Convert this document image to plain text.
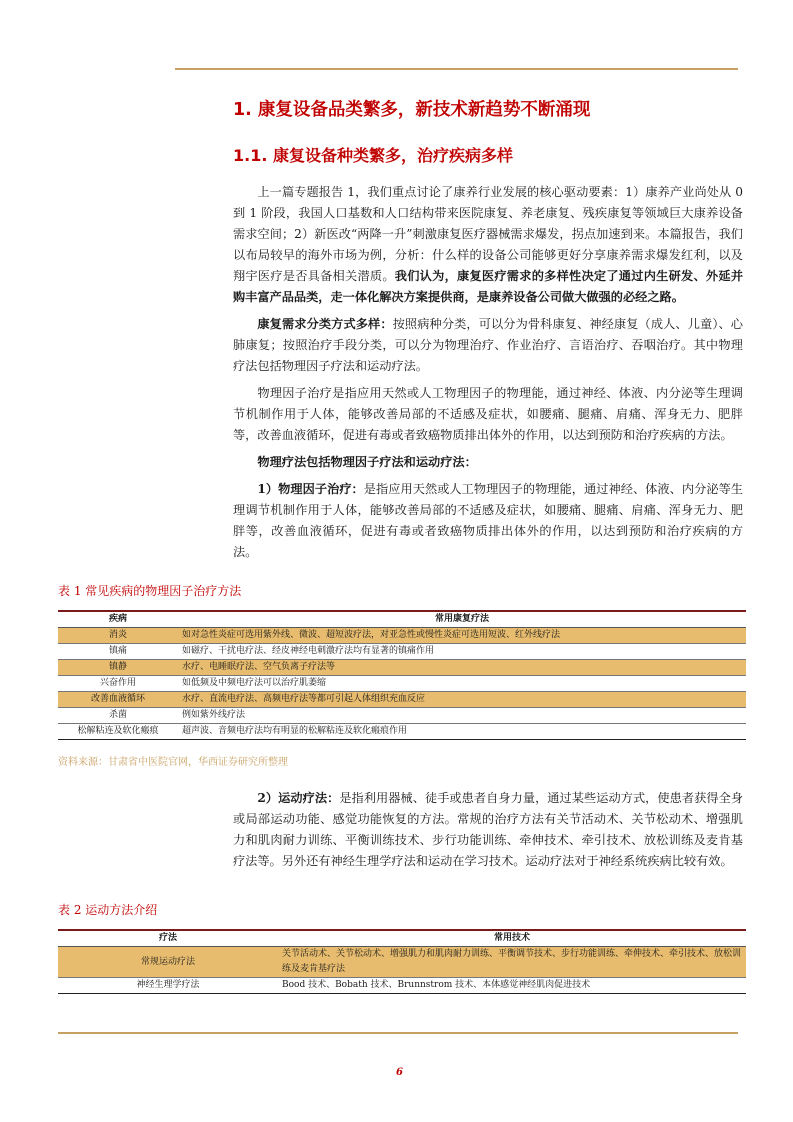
1. 康复设备品类繁多，新技术新趋势不断涌现
1.1. 康复设备种类繁多，治疗疾病多样

上一篇专题报告 1，我们重点讨论了康养行业发展的核心驱动要素：1）康养产业尚处从 0 到 1 阶段，我国人口基数和人口结构带来医院康复、养老康复、残疾康复等领域巨大康养设备需求空间；2）新医改“两降一升”刺激康复医疗器械需求爆发，拐点加速到来。本篇报告，我们以布局较早的海外市场为例，分析：什么样的设备公司能够更好分享康养需求爆发红利，以及翔宇医疗是否具备相关潜质。我们认为，康复医疗需求的多样性决定了通过内生研发、外延并购丰富产品品类，走一体化解决方案提供商，是康养设备公司做大做强的必经之路。

康复需求分类方式多样：按照病种分类，可以分为骨科康复、神经康复（成人、儿童）、心肺康复；按照治疗手段分类，可以分为物理治疗、作业治疗、言语治疗、吞咽治疗。其中物理疗法包括物理因子疗法和运动疗法。

物理因子治疗是指应用天然或人工物理因子的物理能，通过神经、体液、内分泌等生理调节机制作用于人体，能够改善局部的不适感及症状，如腰痛、腿痛、肩痛、浑身无力、肥胖等，改善血液循环，促进有毒或者致癌物质排出体外的作用，以达到预防和治疗疾病的方法。

物理疗法包括物理因子疗法和运动疗法：

1）物理因子治疗：是指应用天然或人工物理因子的物理能，通过神经、体液、内分泌等生理调节机制作用于人体，能够改善局部的不适感及症状，如腰痛、腿痛、肩痛、浑身无力、肥胖等，改善血液循环，促进有毒或者致癌物质排出体外的作用，以达到预防和治疗疾病的方法。

表 1 常见疾病的物理因子治疗方法
疾病	常用康复疗法
消炎	如对急性炎症可选用紫外线、微波、超短波疗法，对亚急性或慢性炎症可选用短波、红外线疗法
镇痛	如磁疗、干扰电疗法、经皮神经电刺激疗法均有显著的镇痛作用
镇静	水疗、电睡眠疗法、空气负离子疗法等
兴奋作用	如低频及中频电疗法可以治疗肌萎缩
改善血液循环	水疗、直流电疗法、高频电疗法等都可引起人体组织充血反应
杀菌	例如紫外线疗法
松解粘连及软化瘢痕	超声波、音频电疗法均有明显的松解粘连及软化瘢痕作用
资料来源：甘肃省中医院官网，华西证券研究所整理

2）运动疗法：是指利用器械、徒手或患者自身力量，通过某些运动方式，使患者获得全身或局部运动功能、感觉功能恢复的方法。常规的治疗方法有关节活动术、关节松动术、增强肌力和肌肉耐力训练、平衡训练技术、步行功能训练、牵伸技术、牵引技术、放松训练及麦肯基疗法等。另外还有神经生理学疗法和运动在学习技术。运动疗法对于神经系统疾病比较有效。

表 2 运动方法介绍
疗法	常用技术
常规运动疗法	关节活动术、关节松动术、增强肌力和肌肉耐力训练、平衡调节技术、步行功能训练、牵伸技术、牵引技术、放松训练及麦肯基疗法
神经生理学疗法	Bood 技术、Bobath 技术、Brunnstrom 技术、本体感觉神经肌肉促进技术
6
